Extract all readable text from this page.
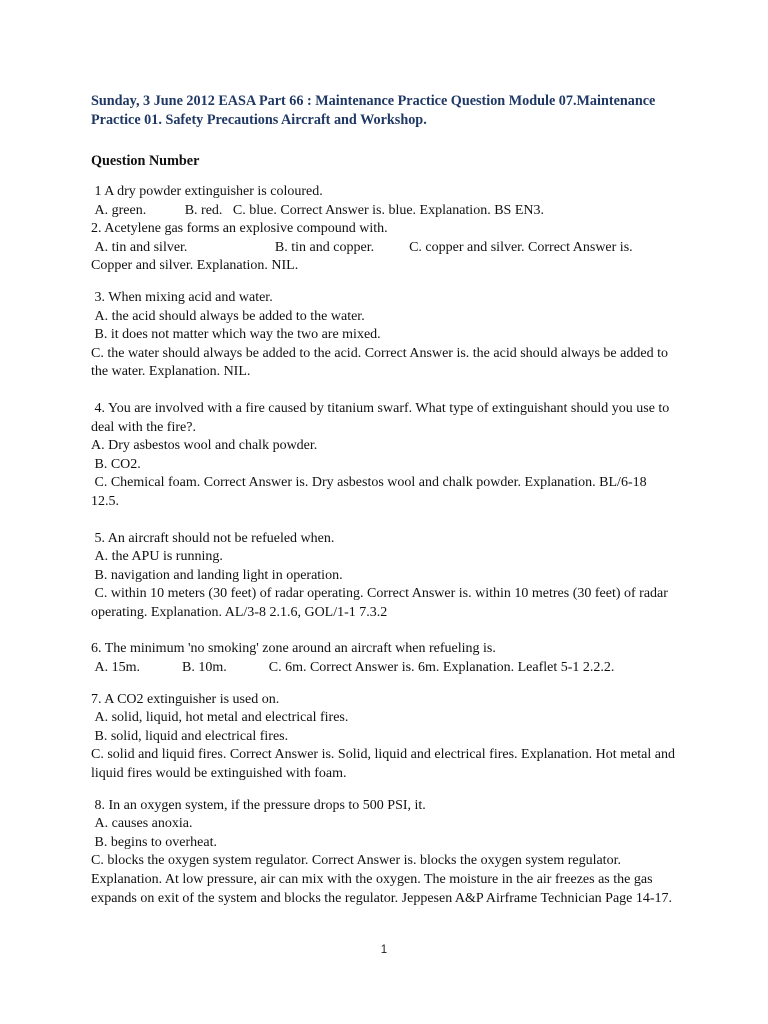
Sunday, 3 June 2012 EASA Part 66 : Maintenance Practice Question Module 07.Maintenance Practice 01. Safety Precautions Aircraft and Workshop.

Question Number

1 A dry powder extinguisher is coloured.

A. green.           B. red.   C. blue. Correct Answer is. blue. Explanation. BS EN3.

2. Acetylene gas forms an explosive compound with.

A. tin and silver.                         B. tin and copper.          C. copper and silver. Correct Answer is. Copper and silver. Explanation. NIL.

3. When mixing acid and water.

A. the acid should always be added to the water.

B. it does not matter which way the two are mixed.

C. the water should always be added to the acid. Correct Answer is. the acid should always be added to the water. Explanation. NIL.

4. You are involved with a fire caused by titanium swarf. What type of extinguishant should you use to deal with the fire?.

A. Dry asbestos wool and chalk powder.

B. CO2.

C. Chemical foam. Correct Answer is. Dry asbestos wool and chalk powder. Explanation. BL/6-18 12.5.

5. An aircraft should not be refueled when.

A. the APU is running.

B. navigation and landing light in operation.

C. within 10 meters (30 feet) of radar operating. Correct Answer is. within 10 metres (30 feet) of radar operating. Explanation. AL/3-8 2.1.6, GOL/1-1 7.3.2

6. The minimum 'no smoking' zone around an aircraft when refueling is.

A. 15m.            B. 10m.            C. 6m. Correct Answer is. 6m. Explanation. Leaflet 5-1 2.2.2.

7. A CO2 extinguisher is used on.

A. solid, liquid, hot metal and electrical fires.

B. solid, liquid and electrical fires.

C. solid and liquid fires. Correct Answer is. Solid, liquid and electrical fires. Explanation. Hot metal and liquid fires would be extinguished with foam.

8. In an oxygen system, if the pressure drops to 500 PSI, it.

A. causes anoxia.

B. begins to overheat.

C. blocks the oxygen system regulator. Correct Answer is. blocks the oxygen system regulator. Explanation. At low pressure, air can mix with the oxygen. The moisture in the air freezes as the gas expands on exit of the system and blocks the regulator. Jeppesen A&P Airframe Technician Page 14-17.

1
